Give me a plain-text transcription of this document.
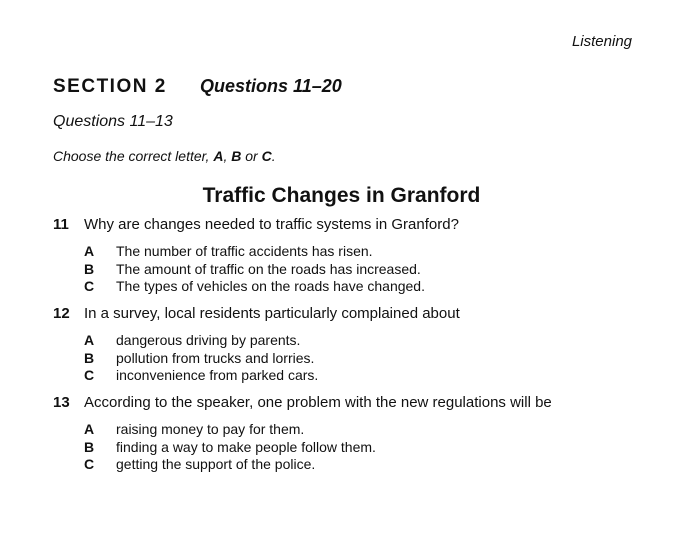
Listening
SECTION 2	Questions 11–20
Questions 11–13
Choose the correct letter, A, B or C.
Traffic Changes in Granford
11	Why are changes needed to traffic systems in Granford?
A	The number of traffic accidents has risen.
B	The amount of traffic on the roads has increased.
C	The types of vehicles on the roads have changed.
12 In a survey, local residents particularly complained about
A	dangerous driving by parents.
B	pollution from trucks and lorries.
C	inconvenience from parked cars.
13 According to the speaker, one problem with the new regulations will be
A	raising money to pay for them.
B	finding a way to make people follow them.
C	getting the support of the police.
